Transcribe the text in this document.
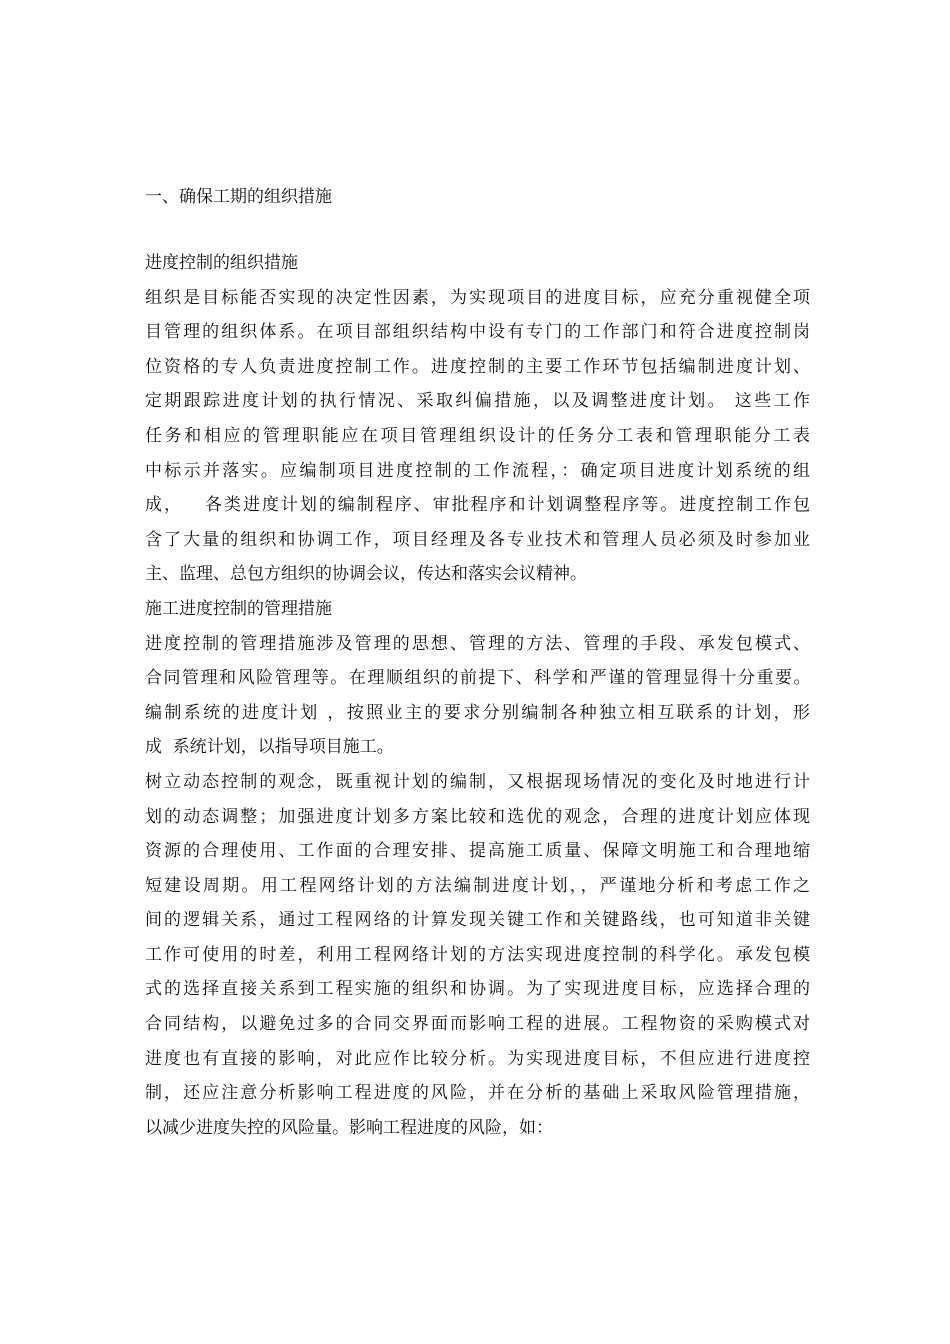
一、确保工期的组织措施
进度控制的组织措施
组织是目标能否实现的决定性因素，为实现项目的进度目标，应充分重视健全项
目管理的组织体系。在项目部组织结构中设有专门的工作部门和符合进度控制岗
位资格的专人负责进度控制工作。进度控制的主要工作环节包括编制进度计划、
定期跟踪进度计划的执行情况、采取纠偏措施，以及调整进度计划。 这些工作
任务和相应的管理职能应在项目管理组织设计的任务分工表和管理职能分工表
中标示并落实。应编制项目进度控制的工作流程，：确定项目进度计划系统的组
成，   各类进度计划的编制程序、审批程序和计划调整程序等。进度控制工作包
含了大量的组织和协调工作，项目经理及各专业技术和管理人员必须及时参加业
主、监理、总包方组织的协调会议，传达和落实会议精神。
施工进度控制的管理措施
进度控制的管理措施涉及管理的思想、管理的方法、管理的手段、承发包模式、
合同管理和风险管理等。在理顺组织的前提下、科学和严谨的管理显得十分重要。
编制系统的进度计划 ，按照业主的要求分别编制各种独立相互联系的计划，形
成  系统计划，以指导项目施工。
树立动态控制的观念，既重视计划的编制，又根据现场情况的变化及时地进行计
划的动态调整；加强进度计划多方案比较和选优的观念，合理的进度计划应体现
资源的合理使用、工作面的合理安排、提高施工质量、保障文明施工和合理地缩
短建设周期。用工程网络计划的方法编制进度计划，，严谨地分析和考虑工作之
间的逻辑关系，通过工程网络的计算发现关键工作和关键路线，也可知道非关键
工作可使用的时差，利用工程网络计划的方法实现进度控制的科学化。承发包模
式的选择直接关系到工程实施的组织和协调。为了实现进度目标，应选择合理的
合同结构，以避免过多的合同交界面而影响工程的进展。工程物资的采购模式对
进度也有直接的影响，对此应作比较分析。为实现进度目标，不但应进行进度控
制，还应注意分析影响工程进度的风险，并在分析的基础上采取风险管理措施，
以减少进度失控的风险量。影响工程进度的风险，如：
